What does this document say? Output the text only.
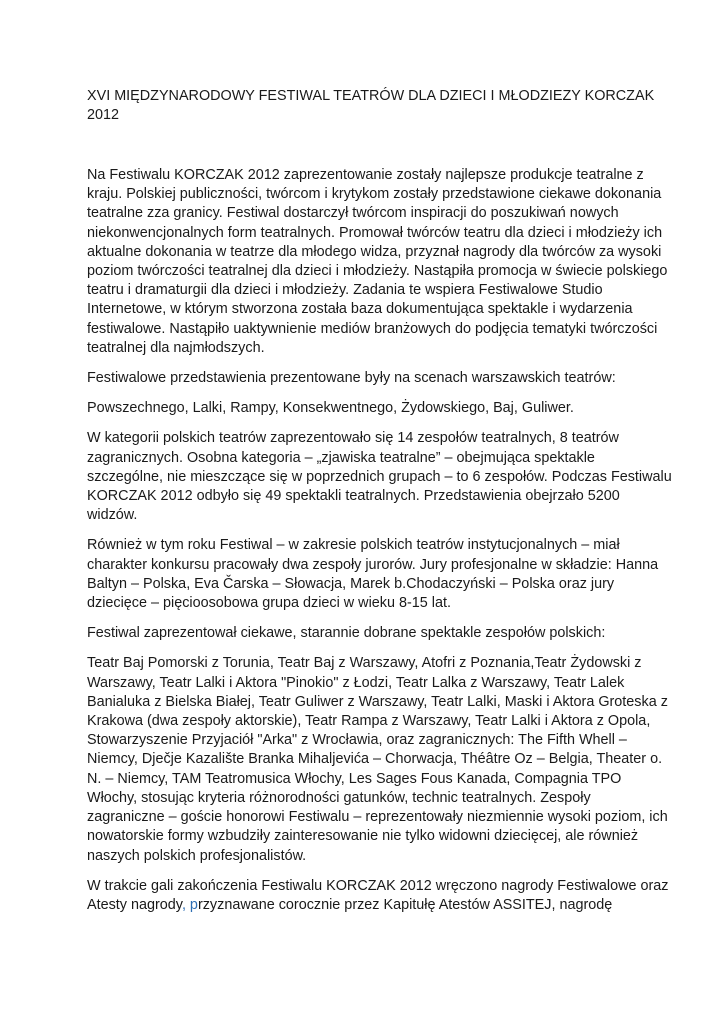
XVI MIĘDZYNARODOWY FESTIWAL TEATRÓW DLA DZIECI I MŁODZIEZY KORCZAK 2012

Na Festiwalu KORCZAK 2012 zaprezentowanie zostały najlepsze produkcje teatralne z kraju. Polskiej publiczności, twórcom i krytykom zostały przedstawione ciekawe dokonania teatralne zza granicy. Festiwal dostarczył twórcom inspiracji do poszukiwań nowych niekonwencjonalnych form teatralnych. Promował twórców teatru dla dzieci i młodzieży ich aktualne dokonania w teatrze dla młodego widza, przyznał nagrody dla twórców za wysoki poziom twórczości teatralnej dla dzieci i młodzieży. Nastąpiła promocja w świecie polskiego teatru i dramaturgii dla dzieci i młodzieży. Zadania te wspiera Festiwalowe Studio Internetowe, w którym stworzona została baza dokumentująca spektakle i wydarzenia festiwalowe. Nastąpiło uaktywnienie mediów branżowych do podjęcia tematyki twórczości teatralnej dla najmłodszych.

Festiwalowe przedstawienia prezentowane były na scenach warszawskich teatrów:

Powszechnego, Lalki, Rampy, Konsekwentnego, Żydowskiego, Baj, Guliwer.

W kategorii polskich teatrów zaprezentowało się 14 zespołów teatralnych, 8 teatrów zagranicznych. Osobna kategoria – „zjawiska teatralne” – obejmująca spektakle szczególne, nie mieszczące się w poprzednich grupach – to 6 zespołów. Podczas Festiwalu KORCZAK 2012 odbyło się 49 spektakli teatralnych. Przedstawienia obejrzało 5200 widzów.

Również w tym roku Festiwal – w zakresie polskich teatrów instytucjonalnych – miał charakter konkursu pracowały dwa zespoły jurorów. Jury profesjonalne w składzie: Hanna Baltyn – Polska, Eva Čarska – Słowacja, Marek b.Chodaczyński – Polska oraz jury dziecięce – pięcioosobowa grupa dzieci w wieku 8-15 lat.

Festiwal zaprezentował ciekawe, starannie dobrane spektakle zespołów polskich:

Teatr Baj Pomorski z Torunia, Teatr Baj z Warszawy, Atofri z Poznania,Teatr Żydowski z Warszawy, Teatr Lalki i Aktora "Pinokio" z Łodzi, Teatr Lalka z Warszawy, Teatr Lalek Banialuka z Bielska Białej, Teatr Guliwer z Warszawy, Teatr Lalki, Maski i Aktora Groteska z Krakowa (dwa zespoły aktorskie), Teatr Rampa z Warszawy, Teatr Lalki i Aktora z Opola, Stowarzyszenie Przyjaciół "Arka" z Wrocławia, oraz zagranicznych: The Fifth Whell – Niemcy, Dječje Kazalište Branka Mihaljevića – Chorwacja, Théâtre Oz – Belgia, Theater o. N. – Niemcy, TAM Teatromusica Włochy, Les Sages Fous Kanada, Compagnia TPO Włochy, stosując kryteria różnorodności gatunków, technic teatralnych. Zespoły zagraniczne – goście honorowi Festiwalu – reprezentowały niezmiennie wysoki poziom, ich nowatorskie formy wzbudziły zainteresowanie nie tylko widowni dziecięcej, ale również naszych polskich profesjonalistów.

W trakcie gali zakończenia Festiwalu KORCZAK 2012 wręczono nagrody Festiwalowe oraz Atesty nagrody, przyznawane corocznie przez Kapitułę Atestów ASSITEJ, nagrodę
